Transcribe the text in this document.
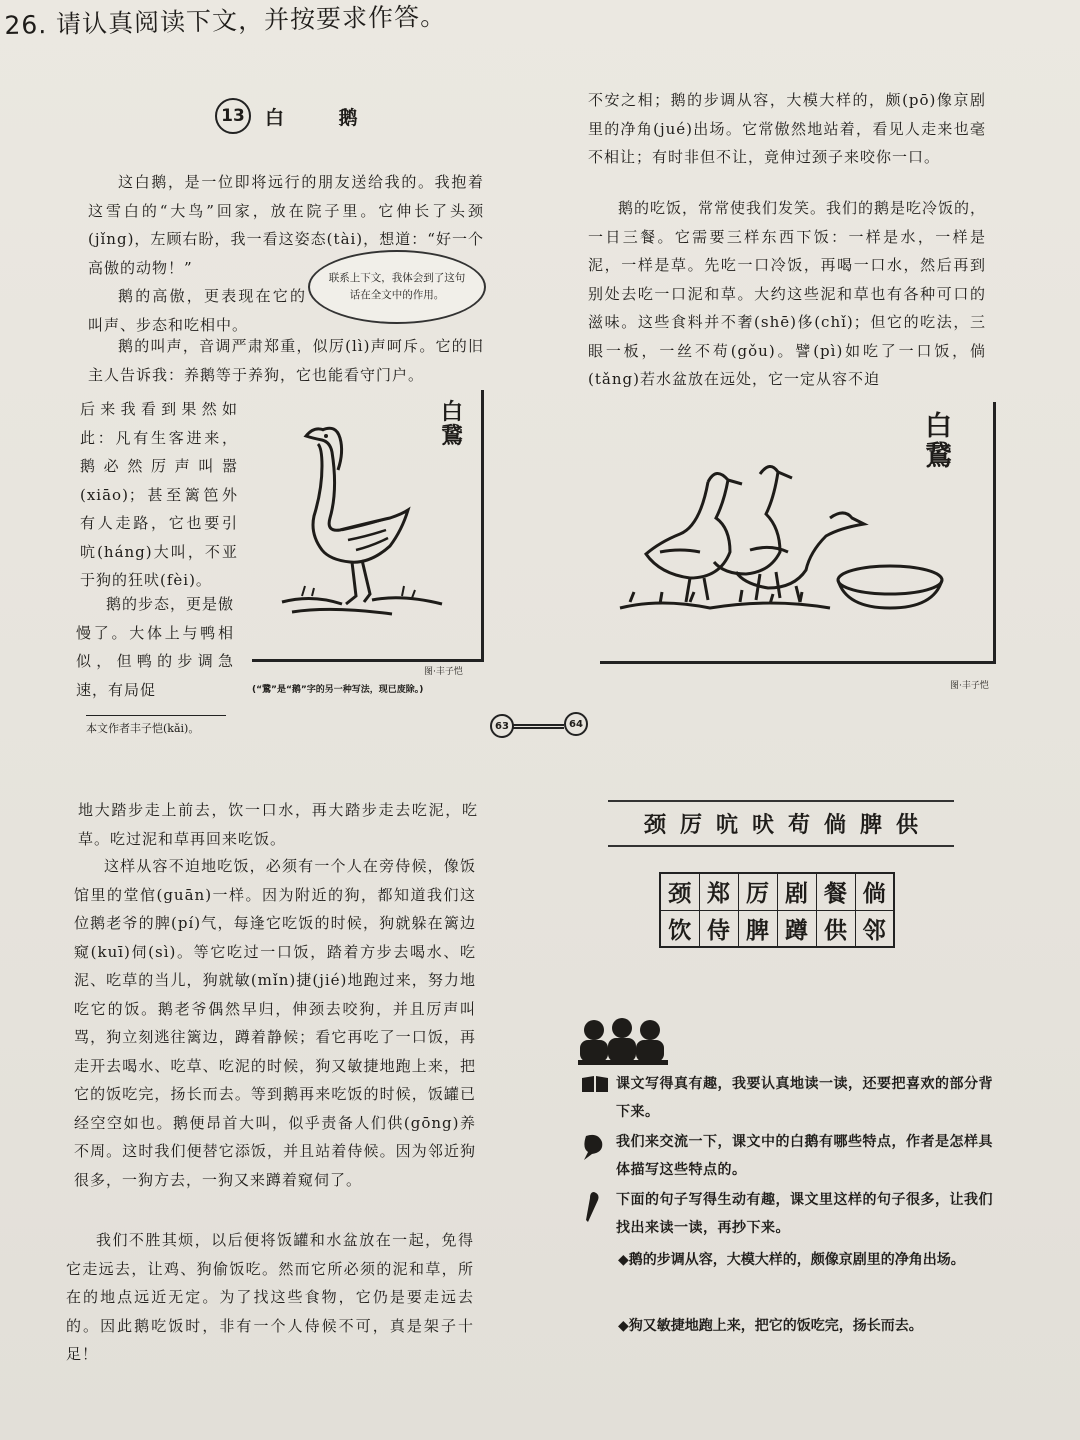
26. 请认真阅读下文，并按要求作答。
13	白 鹅
这白鹅，是一位即将远行的朋友送给我的。我抱着这雪白的“大鸟”回家，放在院子里。它伸长了头颈(jǐng)，左顾右盼，我一看这姿态(tài)，想道：“好一个高傲的动物！”
鹅的高傲，更表现在它的叫声、步态和吃相中。
联系上下文，我体会到了这句话在全文中的作用。
鹅的叫声，音调严肃郑重，似厉(lì)声呵斥。它的旧主人告诉我：养鹅等于养狗，它也能看守门户。
后来我看到果然如此：凡有生客进来，鹅必然厉声叫嚣(xiāo)；甚至篱笆外有人走路，它也要引吭(háng)大叫，不亚于狗的狂吠(fèi)。
鹅的步态，更是傲慢了。大体上与鸭相似，但鸭的步调急速，有局促
白鵞
图·丰子恺
(“鵞”是“鹅”字的另一种写法，现已废除。)
本文作者丰子恺(kǎi)。
不安之相；鹅的步调从容，大模大样的，颇(pō)像京剧里的净角(jué)出场。它常傲然地站着，看见人走来也毫不相让；有时非但不让，竟伸过颈子来咬你一口。
鹅的吃饭，常常使我们发笑。我们的鹅是吃冷饭的，一日三餐。它需要三样东西下饭：一样是水，一样是泥，一样是草。先吃一口冷饭，再喝一口水，然后再到别处去吃一口泥和草。大约这些泥和草也有各种可口的滋味。这些食料并不奢(shē)侈(chǐ)；但它的吃法，三眼一板，一丝不苟(gǒu)。譬(pì)如吃了一口饭，倘(tǎng)若水盆放在远处，它一定从容不迫
白鵞
图·丰子恺
63	64
地大踏步走上前去，饮一口水，再大踏步走去吃泥，吃草。吃过泥和草再回来吃饭。
这样从容不迫地吃饭，必须有一个人在旁侍候，像饭馆里的堂倌(guān)一样。因为附近的狗，都知道我们这位鹅老爷的脾(pí)气，每逢它吃饭的时候，狗就躲在篱边窥(kuī)伺(sì)。等它吃过一口饭，踏着方步去喝水、吃泥、吃草的当儿，狗就敏(mǐn)捷(jié)地跑过来，努力地吃它的饭。鹅老爷偶然早归，伸颈去咬狗，并且厉声叫骂，狗立刻逃往篱边，蹲着静候；看它再吃了一口饭，再走开去喝水、吃草、吃泥的时候，狗又敏捷地跑上来，把它的饭吃完，扬长而去。等到鹅再来吃饭的时候，饭罐已经空空如也。鹅便昂首大叫，似乎责备人们供(gōng)养不周。这时我们便替它添饭，并且站着侍候。因为邻近狗很多，一狗方去，一狗又来蹲着窥伺了。
我们不胜其烦，以后便将饭罐和水盆放在一起，免得它走远去，让鸡、狗偷饭吃。然而它所必须的泥和草，所在的地点远近无定。为了找这些食物，它仍是要走远去的。因此鹅吃饭时，非有一个人侍候不可，真是架子十足！
颈 厉 吭 吠 苟 倘 脾 供
颈	郑	厉	剧	餐	倘
饮	侍	脾	蹲	供	邻
课文写得真有趣，我要认真地读一读，还要把喜欢的部分背下来。
我们来交流一下，课文中的白鹅有哪些特点，作者是怎样具体描写这些特点的。
下面的句子写得生动有趣，课文里这样的句子很多，让我们找出来读一读，再抄下来。
◆鹅的步调从容，大模大样的，颇像京剧里的净角出场。
◆狗又敏捷地跑上来，把它的饭吃完，扬长而去。
